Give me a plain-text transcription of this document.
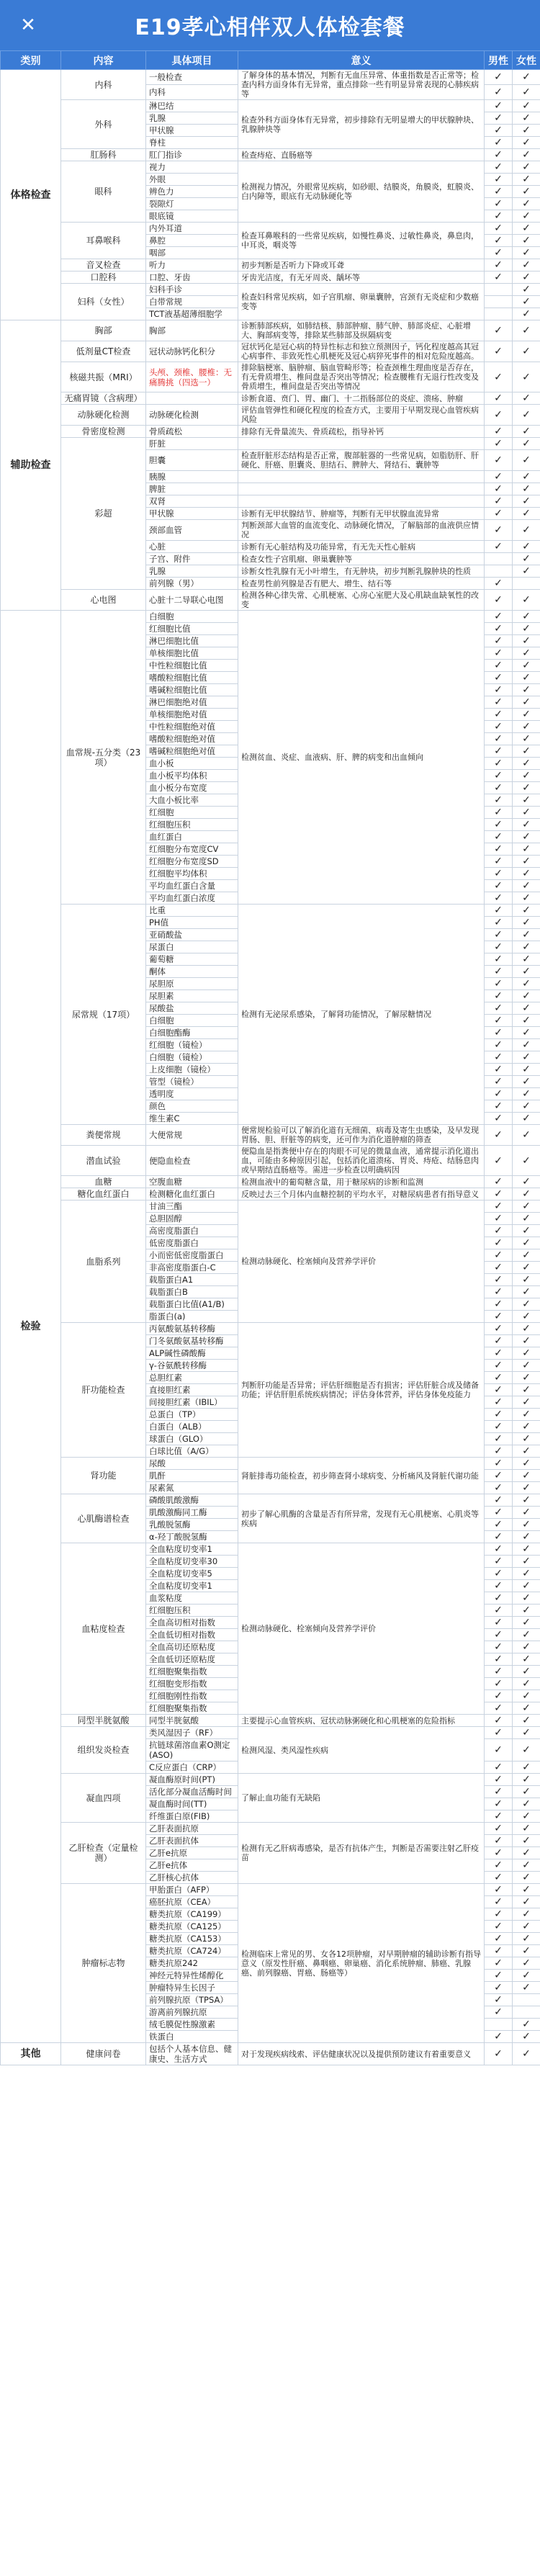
✕	E19孝心相伴双人体检套餐
类别	内容	具体项目	意义	男性	女性
体格检查	内科	一般检查	了解身体的基本情况，判断有无血压异常、体重指数是否正常等；检查内科方面身体有无异常，重点排除一些有明显异常表现的心肺疾病等	✓	✓
		内科		✓	✓
	外科	淋巴结	检查外科方面身体有无异常，初步排除有无明显增大的甲状腺肿块、乳腺肿块等	✓	✓
		乳腺		✓	✓
		甲状腺		✓	✓
		脊柱		✓	✓
	肛肠科	肛门指诊	检查痔疮、直肠癌等	✓	✓
	眼科	视力	检测视力情况，外眼常见疾病，如砂眼、结膜炎，角膜炎，虹膜炎、白内障等，眼底有无动脉硬化等	✓	✓
		外眼		✓	✓
		辨色力		✓	✓
		裂隙灯		✓	✓
		眼底镜		✓	✓
	耳鼻喉科	内外耳道	检查耳鼻喉科的一些常见疾病，如慢性鼻炎、过敏性鼻炎，鼻息肉，中耳炎，咽炎等	✓	✓
		鼻腔		✓	✓
		咽部		✓	✓
	音叉检查	听力	初步判断是否听力下降或耳聋	✓	✓
	口腔科	口腔、牙齿	牙齿光洁度，有无牙周炎、龋坏等	✓	✓
	妇科（女性）	妇科手诊	检查妇科常见疾病，如子宫肌瘤、卵巢囊肿，宫颈有无炎症和少数癌变等		✓
		白带常规			✓
		TCT液基超薄细胞学			✓
辅助检查	胸部	胸部	诊断肺部疾病，如肺结核、肺部肿瘤、肺气肿、肺部炎症、心脏增大、胸部病变等，排除某些肺部及纵隔病变	✓	✓
	低剂量CT检查	冠状动脉钙化积分	冠状钙化是冠心病的特异性标志和独立预测因子，钙化程度越高其冠心病事件、非致死性心肌梗死及冠心病猝死事件的相对危险度越高。	✓	✓
	核磁共振（MRI）	头颅、颈椎、腰椎：无痛腾挑（四选一）	排除脑梗塞、脑肿瘤、脑血管畸形等；检查颈椎生理曲度是否存在，有无骨质增生、椎间盘是否突出等情况；检查腰椎有无退行性改变及骨质增生，椎间盘是否突出等情况	✓	✓
	无痛胃镜（含病理）		诊断食道、贲门、胃、幽门、十二指肠部位的炎症、溃疡、肿瘤	✓	✓
	动脉硬化检测	动脉硬化检测	评估血管弹性和硬化程度的检查方式，主要用于早期发现心血管疾病风险	✓	✓
	骨密度检测	骨质疏松	排除有无骨量流失、骨质疏松，指导补钙	✓	✓
	彩超	肝脏		✓	✓
		胆囊	检查肝脏形态结构是否正常，腹部脏器的一些常见病，如脂肪肝、肝硬化、肝癌、胆囊炎、胆结石、脾肿大、肾结石、囊肿等	✓	✓
		胰腺		✓	✓
		脾脏		✓	✓
		双肾		✓	✓
		甲状腺	诊断有无甲状腺结节、肿瘤等，判断有无甲状腺血流异常	✓	✓
		颈部血管	判断颈部大血管的血流变化、动脉硬化情况，了解脑部的血液供应情况	✓	✓
		心脏	诊断有无心脏结构及功能异常，有无先天性心脏病	✓	✓
		子宫、附件	检查女性子宫肌瘤、卵巢囊肿等		✓
		乳腺	诊断女性乳腺有无小叶增生，有无肿块，初步判断乳腺肿块的性质		✓
		前列腺（男）	检查男性前列腺是否有肥大、增生、结石等	✓	
	心电图	心脏十二导联心电图	检测各种心律失常、心肌梗塞、心房心室肥大及心肌缺血缺氧性的改变	✓	✓
检验	血常规-五分类（23项）	白细胞	检测贫血、炎症、血液病、肝、脾的病变和出血倾向	✓	✓
		红细胞比值		✓	✓
		淋巴细胞比值		✓	✓
		单核细胞比值		✓	✓
		中性粒细胞比值		✓	✓
		嗜酸粒细胞比值		✓	✓
		嗜碱粒细胞比值		✓	✓
		淋巴细胞绝对值		✓	✓
		单核细胞绝对值		✓	✓
		中性粒细胞绝对值		✓	✓
		嗜酸粒细胞绝对值		✓	✓
		嗜碱粒细胞绝对值		✓	✓
		血小板		✓	✓
		血小板平均体积		✓	✓
		血小板分布宽度		✓	✓
		大血小板比率		✓	✓
		红细胞		✓	✓
		红细胞压积		✓	✓
		血红蛋白		✓	✓
		红细胞分布宽度CV		✓	✓
		红细胞分布宽度SD		✓	✓
		红细胞平均体积		✓	✓
		平均血红蛋白含量		✓	✓
		平均血红蛋白浓度		✓	✓
	尿常规（17项）	比重	检测有无泌尿系感染，了解肾功能情况，了解尿糖情况	✓	✓
		PH值		✓	✓
		亚硝酸盐		✓	✓
		尿蛋白		✓	✓
		葡萄糖		✓	✓
		酮体		✓	✓
		尿胆原		✓	✓
		尿胆素		✓	✓
		尿酸盐		✓	✓
		白细胞		✓	✓
		白细胞酯酶		✓	✓
		红细胞（镜检）		✓	✓
		白细胞（镜检）		✓	✓
		上皮细胞（镜检）		✓	✓
		管型（镜检）		✓	✓
		透明度		✓	✓
		颜色		✓	✓
		维生素C		✓	✓
	粪便常规	大便常规	便常规检验可以了解消化道有无细菌、病毒及寄生虫感染，及早发现胃肠、胆、肝脏等的病变，还可作为消化道肿瘤的筛查	✓	✓
	潜血试验	便隐血检查	便隐血是指粪便中存在的肉眼不可见的微量血液，通常提示消化道出血，可能由多种原因引起，包括消化道溃疡、胃炎、痔疮、结肠息肉或早期结直肠癌等。需进一步检查以明确病因	✓	✓
	血糖	空腹血糖	检测血液中的葡萄糖含量，用于糖尿病的诊断和监测	✓	✓
	糖化血红蛋白	检测糖化血红蛋白	反映过去三个月体内血糖控制的平均水平，对糖尿病患者有指导意义	✓	✓
	血脂系列	甘油三酯	检测动脉硬化、栓塞倾向及营养学评价	✓	✓
		总胆固醇		✓	✓
		高密度脂蛋白		✓	✓
		低密度脂蛋白		✓	✓
		小而密低密度脂蛋白		✓	✓
		非高密度脂蛋白-C		✓	✓
		载脂蛋白A1		✓	✓
		载脂蛋白B		✓	✓
		载脂蛋白比值(A1/B)		✓	✓
		脂蛋白(a)		✓	✓
	肝功能检查	丙氨酸氨基转移酶	判断肝功能是否异常；评估肝细胞是否有损害；评估肝脏合成及储备功能；评估肝胆系统疾病情况；评估身体营养，评估身体免疫能力	✓	✓
		门冬氨酸氨基转移酶		✓	✓
		ALP碱性磷酸酶		✓	✓
		γ-谷氨酰转移酶		✓	✓
		总胆红素		✓	✓
		直接胆红素		✓	✓
		间接胆红素（IBIL）		✓	✓
		总蛋白（TP）		✓	✓
		白蛋白（ALB）		✓	✓
		球蛋白（GLO）		✓	✓
		白球比值（A/G）		✓	✓
	肾功能	尿酸	肾脏排毒功能检查，初步筛查肾小球病变、分析痛风及肾脏代谢功能	✓	✓
		肌酐		✓	✓
		尿素氮		✓	✓
	心肌酶谱检查	磷酸肌酸激酶	初步了解心肌酶的含量是否有所异常，发现有无心肌梗塞、心肌炎等疾病	✓	✓
		肌酸激酶同工酶		✓	✓
		乳酸脱氢酶		✓	✓
		α-羟丁酸脱氢酶		✓	✓
	血粘度检查	全血粘度切变率1	检测动脉硬化、栓塞倾向及营养学评价	✓	✓
		全血粘度切变率30		✓	✓
		全血粘度切变率5		✓	✓
		全血粘度切变率1		✓	✓
		血浆粘度		✓	✓
		红细胞压积		✓	✓
		全血高切相对指数		✓	✓
		全血低切相对指数		✓	✓
		全血高切还原粘度		✓	✓
		全血低切还原粘度		✓	✓
		红细胞聚集指数		✓	✓
		红细胞变形指数		✓	✓
		红细胞刚性指数		✓	✓
		红细胞聚集指数		✓	✓
	同型半胱氨酸	同型半胱氨酸	主要提示心血管疾病、冠状动脉粥硬化和心肌梗塞的危险指标	✓	✓
	组织发炎检查	类风湿因子（RF）	检测风湿、类风湿性疾病	✓	✓
		抗链球菌溶血素O测定(ASO)		✓	✓
		C反应蛋白（CRP）		✓	✓
	凝血四项	凝血酶原时间(PT)	了解止血功能有无缺陷	✓	✓
		活化部分凝血活酶时间		✓	✓
		凝血酶时间(TT)		✓	✓
		纤维蛋白原(FIB)		✓	✓
	乙肝检查（定量检测）	乙肝表面抗原	检测有无乙肝病毒感染，是否有抗体产生，判断是否需要注射乙肝疫苗	✓	✓
		乙肝表面抗体		✓	✓
		乙肝e抗原		✓	✓
		乙肝e抗体		✓	✓
		乙肝核心抗体		✓	✓
	肿瘤标志物	甲胎蛋白（AFP）	检测临床上常见的男、女各12项肿瘤，对早期肿瘤的辅助诊断有指导意义（原发性肝癌、鼻咽癌、卵巢癌、消化系统肿瘤、肺癌、乳腺癌、前列腺癌、胃癌、肠癌等）	✓	✓
		癌胚抗原（CEA）		✓	✓
		糖类抗原（CA199）		✓	✓
		糖类抗原（CA125）		✓	✓
		糖类抗原（CA153）		✓	✓
		糖类抗原（CA724）		✓	✓
		糖类抗原242		✓	✓
		神经元特异性烯醇化		✓	✓
		肿瘤特异生长因子		✓	✓
		前列腺抗原（TPSA）		✓	
		游离前列腺抗原		✓	
		绒毛膜促性腺激素			✓
		铁蛋白		✓	✓
其他	健康问卷	包括个人基本信息、健康史、生活方式	对于发现疾病线索、评估健康状况以及提供预防建议有着重要意义	✓	✓
